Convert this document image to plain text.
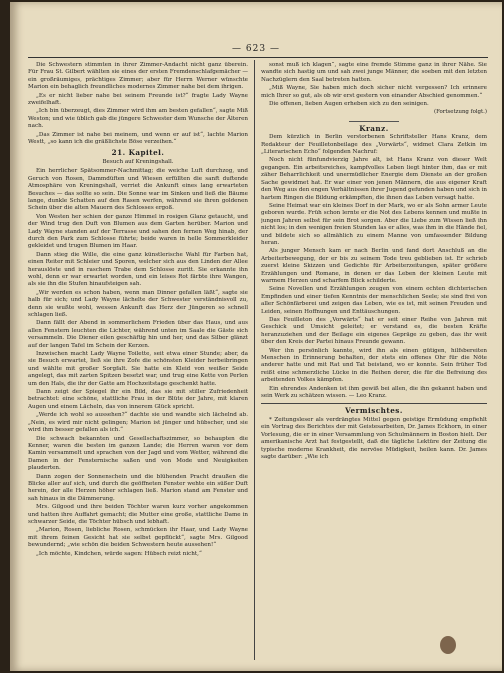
— 623 —

Die Schwestern stimmten in ihrer Zimmer-Andacht nicht ganz überein. Für Frau St. Gilbert wählten sie eines der ersten Fremdenschlafgemächer — ein großräumiges, prächtiges Zimmer; aber für Herrn Werner wünschte Marion ein behaglich freundliches modernes Zimmer nahe bei dem ihrigen.

„Es er nicht lieber nahe bei seinem Freunde ist?“ fragte Lady Wayne zweifelhaft.

„Ich bin überzeugt, dies Zimmer wird ihm am besten gefallen“, sagte Miß Weston; und wie üblich gab die jüngere Schwester dem Wunsche der Älteren nach.

„Das Zimmer ist nahe bei meinem, und wenn er auf ist“, lachte Marion Westt, „so kann ich die gräßlichste Böse verzeihen.“

21. Kapitel.
Besuch auf Kreningshall.

Ein herrlicher Spätsommer-Nachmittag; die weiche Luft durchzog, und Geruch von Rosen, Dammdüften und Wiesen erfüllten die sanft duftende Atmosphäre von Kreningshall, verriet die Ankunft eines lang erwarteten Besuches — das sollte so sein. Die Sonne war im Sinken und ließ die Bäume lange, dunkle Schatten auf den Rasen werfen, während sie ihren goldenen Schein über die alten Mauern des Schlosses ergoß.

Von Westen her schien der ganze Himmel in rosigen Glanz getaucht, und der Wind trug den Duft von Blumen aus dem Garten herüber. Marion und Lady Wayne standen auf der Terrasse und sahen den fernen Weg hinab, der durch den Park zum Schlosse führte; beide waren in helle Sommerkleider gekleidet und trugen Blumen im Haar.

Dann stieg die Wille, die eine ganz künstlerische Wahl für Farben hat, einen Reiter mit Schleier und Sporen, welcher sich aus den Linden der Allee herauslöste und in raschem Trabe dem Schlosse zuritt. Sie erkannte ihn wohl, denn er war erwartet worden, und ein leises Rot färbte ihre Wangen, als sie ihn die Stufen hinaufsteigen sah.

„Wir werden es schon haben, wenn man Dinner gefallen läßt“, sagte sie halb für sich; und Lady Wayne lächelte der Schwester verständnisvoll zu, denn sie wußte wohl, wessen Ankunft das Herz der Jüngeren so schnell schlagen ließ.

Dann fällt der Abend in sommerlichem Frieden über das Haus, und aus allen Fenstern leuchten die Lichter, während unten im Saale die Gäste sich versammeln. Die Diener eilen geschäftig hin und her, und das Silber glänzt auf der langen Tafel im Schein der Kerzen.

Inzwischen macht Lady Wayne Toilette, seit etwa einer Stunde; aber, da sie Besuch erwartet, ließ sie ihre Zofe die schönsten Kleider herbeibringen und wählte mit großer Sorgfalt. Sie hatte ein Kleid von weißer Seide angelegt, das mit zarten Spitzen besetzt war, und trug eine Kette von Perlen um den Hals, die ihr der Gatte am Hochzeitstage geschenkt hatte.

Dann zeigt der Spiegel ihr ein Bild, das sie mit stiller Zufriedenheit betrachtet: eine schöne, stattliche Frau in der Blüte der Jahre, mit klaren Augen und einem Lächeln, das von innerem Glück spricht.

„Werde ich wohl so aussehen?“ dachte sie und wandte sich lächelnd ab. „Nein, es wird mir nicht gelingen; Marion ist jünger und hübscher, und sie wird ihm besser gefallen als ich.“

Die schwach bekannten und Gesellschaftszimmer, so behaupten die Kenner, waren die besten im ganzen Lande; die Herren waren vor dem Kamin versammelt und sprachen von der Jagd und vom Wetter, während die Damen in der Fensternische saßen und von Mode und Neuigkeiten plauderten.

Dann zogen der Sonnenschein und die blühenden Pracht draußen die Blicke aller auf sich, und durch die geöffneten Fenster wehte ein süßer Duft herein, der alle Herzen höher schlagen ließ. Marion stand am Fenster und sah hinaus in die Dämmerung.

Mrs. Gilgood und ihre beiden Töchter waren kurz vorher angekommen und hatten ihre Auffahrt gemacht; die Mutter eine große, stattliche Dame in schwarzer Seide, die Töchter hübsch und lebhaft.

„Marion, Rosen, liebliche Rosen, schmücken ihr Haar, und Lady Wayne mit ihrem feinen Gesicht hat sie selbst gepflückt“, sagte Mrs. Gilgood bewundernd; „wie schön die beiden Schwestern heute aussehen!“

„Ich möchte, Kindchen, würde sagen: Hübsch reizt nicht,“

sonst muß ich klagen“, sagte eine fremde Stimme ganz in ihrer Nähe. Sie wandte sich hastig um und sah zwei junge Männer, die soeben mit den letzten Nachzüglern den Saal betreten hatten.

„Miß Wayne, Sie haben mich doch sicher nicht vergessen? Ich erinnere mich Ihrer so gut, als ob wir erst gestern von einander Abschied genommen.“

Die offenen, lieben Augen erheben sich zu den seinigen.

(Fortsetzung folgt.)
Kranz.

Dem kürzlich in Berlin verstorbenen Schriftsteller Hans Kranz, dem Redakteur der Feuilletonbeilage des „Vorwärts“, widmet Clara Zetkin im „Literarischen Echo“ folgenden Nachruf:

Noch nicht fünfundvierzig Jahre alt, ist Hans Kranz von dieser Welt gegangen. Ein arbeitsreiches, kampfvolles Leben liegt hinter ihm, das er mit zäher Beharrlichkeit und unermüdlicher Energie dem Dienste an der großen Sache gewidmet hat. Er war einer von jenen Männern, die aus eigener Kraft den Weg aus den engen Verhältnissen ihrer Jugend gefunden haben und sich in hartem Ringen die Bildung erkämpften, die ihnen das Leben versagt hatte.

Seine Heimat war ein kleines Dorf in der Mark, wo er als Sohn armer Leute geboren wurde. Früh schon lernte er die Not des Lebens kennen und mußte in jungen Jahren selbst für sein Brot sorgen. Aber die Liebe zum Wissen ließ ihn nicht los; in den wenigen freien Stunden las er alles, was ihm in die Hände fiel, und bildete sich so allmählich zu einem Manne von umfassender Bildung heran.

Als junger Mensch kam er nach Berlin und fand dort Anschluß an die Arbeiterbewegung, der er bis zu seinem Tode treu geblieben ist. Er schrieb zuerst kleine Skizzen und Gedichte für Arbeiterzeitungen, später größere Erzählungen und Romane, in denen er das Leben der kleinen Leute mit warmem Herzen und scharfem Blick schilderte.

Seine Novellen und Erzählungen zeugen von einem echten dichterischen Empfinden und einer tiefen Kenntnis der menschlichen Seele; sie sind frei von aller Schönfärberei und zeigen das Leben, wie es ist, mit seinen Freuden und Leiden, seinen Hoffnungen und Enttäuschungen.

Das Feuilleton des „Vorwärts“ hat er seit einer Reihe von Jahren mit Geschick und Umsicht geleitet; er verstand es, die besten Kräfte heranzuziehen und der Beilage ein eigenes Gepräge zu geben, das ihr weit über den Kreis der Partei hinaus Freunde gewann.

Wer ihn persönlich kannte, wird ihn als einen gütigen, hilfsbereiten Menschen in Erinnerung behalten, der stets ein offenes Ohr für die Nöte anderer hatte und mit Rat und Tat beistand, wo er konnte. Sein früher Tod reißt eine schmerzliche Lücke in die Reihen derer, die für die Befreiung des arbeitenden Volkes kämpfen.

Ein ehrendes Andenken ist ihm gewiß bei allen, die ihn gekannt haben und sein Werk zu schätzen wissen. — Leo Kranz.

Vermischtes.

* Zeitungsleser als verdrängtes Mittel gegen geistige Ermüdung empfiehlt ein Vortrag des Berichtes der mit Geistesarbeiten, Dr. James Eckhorn, in einer Vorlesung, die er in einer Versammlung von Schulmännern in Boston hielt. Der amerikanische Arzt hat festgestellt, daß die tägliche Lektüre der Zeitung die typische moderne Krankheit, die nervöse Müdigkeit, heilen kann. Dr. James sagte darüber: „Wie ich
